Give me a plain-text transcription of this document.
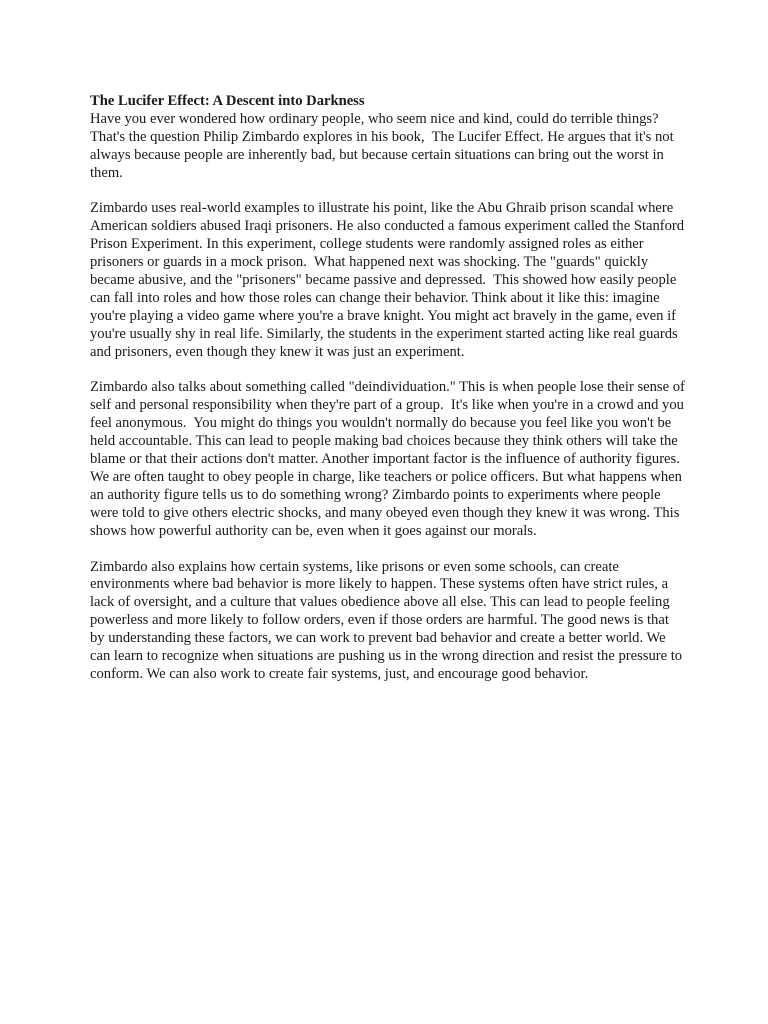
The Lucifer Effect: A Descent into Darkness

Have you ever wondered how ordinary people, who seem nice and kind, could do terrible things? That's the question Philip Zimbardo explores in his book,  The Lucifer Effect. He argues that it's not always because people are inherently bad, but because certain situations can bring out the worst in them.

Zimbardo uses real-world examples to illustrate his point, like the Abu Ghraib prison scandal where American soldiers abused Iraqi prisoners. He also conducted a famous experiment called the Stanford Prison Experiment. In this experiment, college students were randomly assigned roles as either prisoners or guards in a mock prison.  What happened next was shocking. The "guards" quickly became abusive, and the "prisoners" became passive and depressed.  This showed how easily people can fall into roles and how those roles can change their behavior. Think about it like this: imagine you're playing a video game where you're a brave knight. You might act bravely in the game, even if you're usually shy in real life. Similarly, the students in the experiment started acting like real guards and prisoners, even though they knew it was just an experiment.

Zimbardo also talks about something called "deindividuation." This is when people lose their sense of self and personal responsibility when they're part of a group.  It's like when you're in a crowd and you feel anonymous.  You might do things you wouldn't normally do because you feel like you won't be held accountable. This can lead to people making bad choices because they think others will take the blame or that their actions don't matter. Another important factor is the influence of authority figures. We are often taught to obey people in charge, like teachers or police officers. But what happens when an authority figure tells us to do something wrong? Zimbardo points to experiments where people were told to give others electric shocks, and many obeyed even though they knew it was wrong. This shows how powerful authority can be, even when it goes against our morals.

Zimbardo also explains how certain systems, like prisons or even some schools, can create environments where bad behavior is more likely to happen. These systems often have strict rules, a lack of oversight, and a culture that values obedience above all else. This can lead to people feeling powerless and more likely to follow orders, even if those orders are harmful. The good news is that by understanding these factors, we can work to prevent bad behavior and create a better world. We can learn to recognize when situations are pushing us in the wrong direction and resist the pressure to conform. We can also work to create fair systems, just, and encourage good behavior.
